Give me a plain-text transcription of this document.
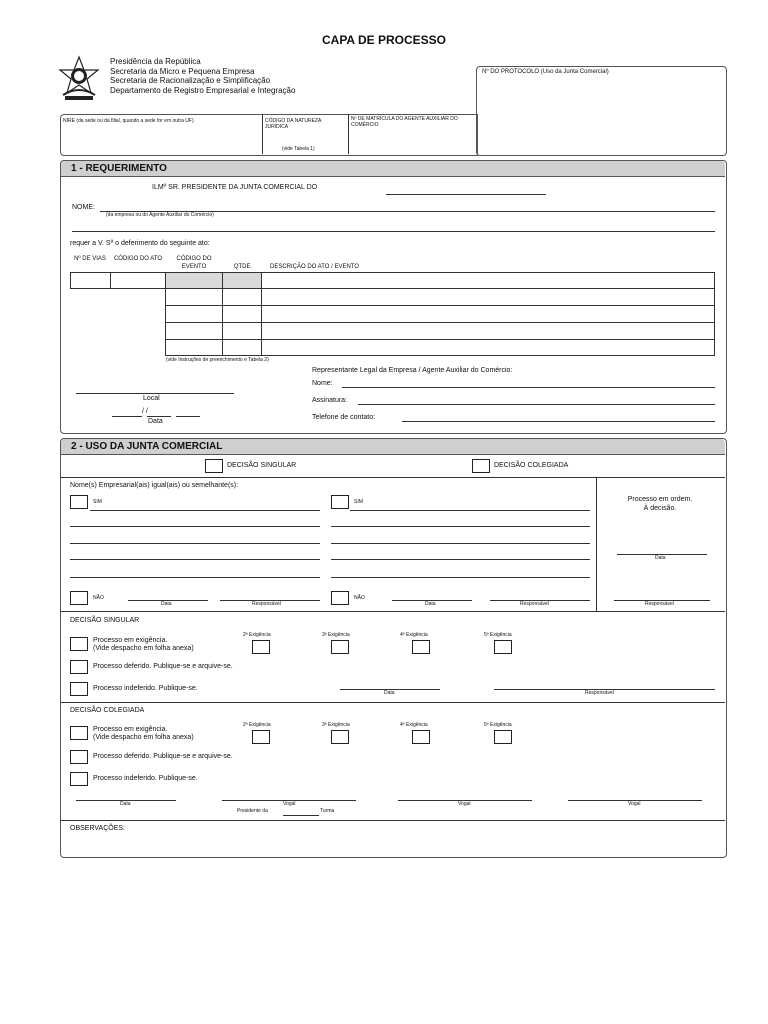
CAPA DE PROCESSO
Presidência da República
Secretaria da Micro e Pequena Empresa
Secretaria de Racionalização e Simplificação
Departamento de Registro Empresarial e Integração
Nº DO PROTOCOLO (Uso da Junta Comercial)
NIRE (da sede ou da filial, quando a sede for em outra UF)	CÓDIGO DA NATUREZA JURÍDICA
(vide Tabela 1)
Nº DE MATRÍCULA DO AGENTE AUXILIAR DO COMÉRCIO
1 - REQUERIMENTO
ILMº SR. PRESIDENTE DA JUNTA COMERCIAL DO
NOME:
(da empresa ou do Agente Auxiliar do Comércio)
requer a V. Sª o deferimento do seguinte ato:
Nº DE VIAS	CÓDIGO DO ATO	CÓDIGO DO EVENTO	QTDE.	DESCRIÇÃO DO ATO / EVENTO
(vide Instruções de preenchimento e Tabela 2)
Representante Legal da Empresa / Agente Auxiliar do Comércio:
Nome:
Assinatura:
Telefone de contato:
Local
/ /
Data
2 - USO DA JUNTA COMERCIAL
DECISÃO SINGULAR	DECISÃO COLEGIADA
Nome(s) Empresarial(ais) igual(ais) ou semelhante(s):
SIM	SIM
NÃO
Data	Responsável
NÃO
Data	Responsável
Processo em ordem.
À decisão.
Data
Responsável
DECISÃO SINGULAR
Processo em exigência.
(Vide despacho em folha anexa)
2ª Exigência	3ª Exigência	4ª Exigência	5ª Exigência
Processo deferido. Publique-se e arquive-se.
Processo indeferido. Publique-se.
Data	Responsável
DECISÃO COLEGIADA
Processo em exigência.
(Vide despacho em folha anexa)
2ª Exigência	3ª Exigência	4ª Exigência	5ª Exigência
Processo deferido. Publique-se e arquive-se.
Processo indeferido. Publique-se.
Data	Vogal
Presidente da	Turma
Vogal	Vogal
OBSERVAÇÕES:
